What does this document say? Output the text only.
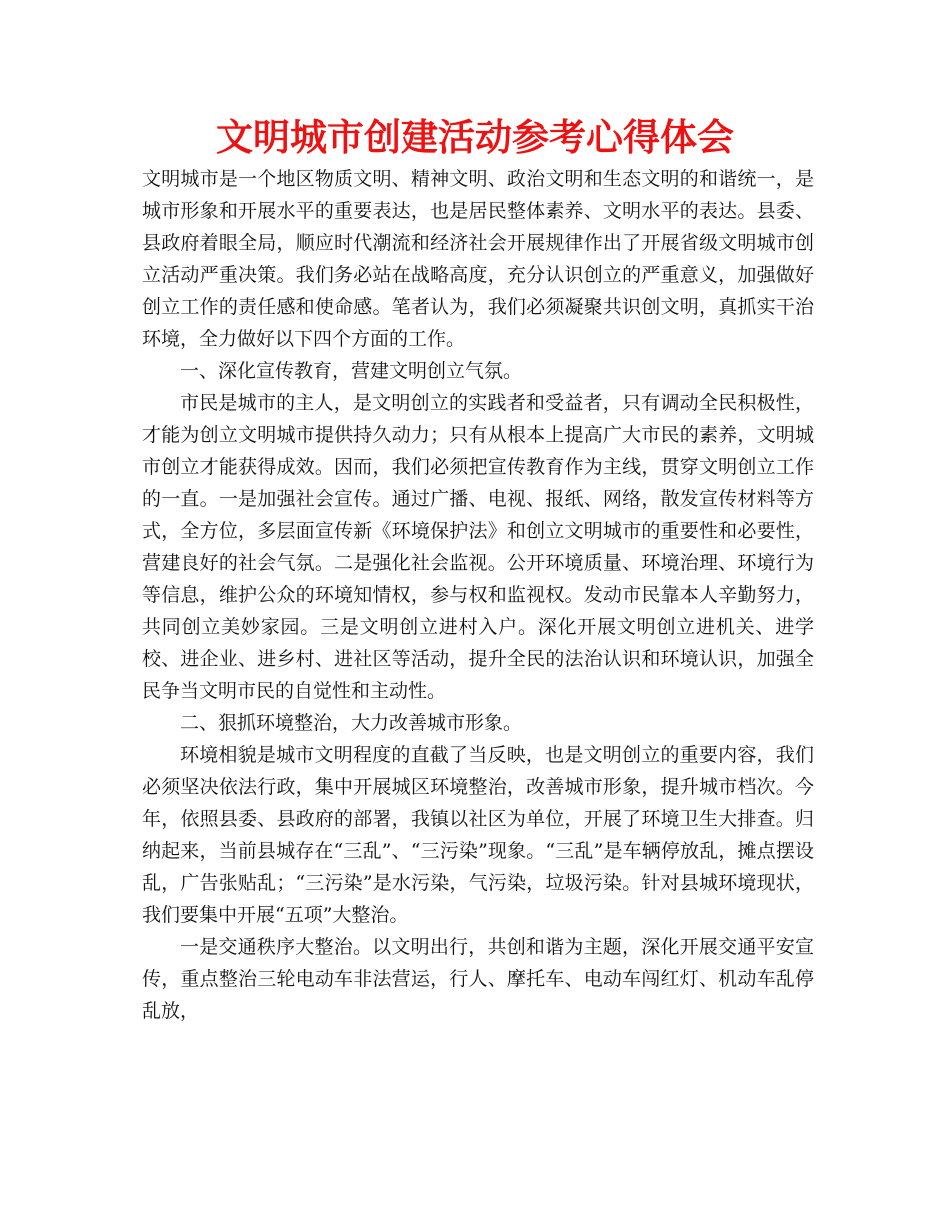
文明城市创建活动参考心得体会

文明城市是一个地区物质文明、精神文明、政治文明和生态文明的和谐统一，是城市形象和开展水平的重要表达，也是居民整体素养、文明水平的表达。县委、县政府着眼全局，顺应时代潮流和经济社会开展规律作出了开展省级文明城市创立活动严重决策。我们务必站在战略高度，充分认识创立的严重意义，加强做好创立工作的责任感和使命感。笔者认为，我们必须凝聚共识创文明，真抓实干治环境，全力做好以下四个方面的工作。

一、深化宣传教育，营建文明创立气氛。

市民是城市的主人，是文明创立的实践者和受益者，只有调动全民积极性，才能为创立文明城市提供持久动力；只有从根本上提高广大市民的素养，文明城市创立才能获得成效。因而，我们必须把宣传教育作为主线，贯穿文明创立工作的一直。一是加强社会宣传。通过广播、电视、报纸、网络，散发宣传材料等方式，全方位，多层面宣传新《环境保护法》和创立文明城市的重要性和必要性，营建良好的社会气氛。二是强化社会监视。公开环境质量、环境治理、环境行为等信息，维护公众的环境知情权，参与权和监视权。发动市民靠本人辛勤努力，共同创立美妙家园。三是文明创立进村入户。深化开展文明创立进机关、进学校、进企业、进乡村、进社区等活动，提升全民的法治认识和环境认识，加强全民争当文明市民的自觉性和主动性。

二、狠抓环境整治，大力改善城市形象。

环境相貌是城市文明程度的直截了当反映，也是文明创立的重要内容，我们必须坚决依法行政，集中开展城区环境整治，改善城市形象，提升城市档次。今年，依照县委、县政府的部署，我镇以社区为单位，开展了环境卫生大排查。归纳起来，当前县城存在“三乱”、“三污染”现象。“三乱”是车辆停放乱，摊点摆设乱，广告张贴乱；“三污染”是水污染，气污染，垃圾污染。针对县城环境现状，我们要集中开展“五项”大整治。

一是交通秩序大整治。以文明出行，共创和谐为主题，深化开展交通平安宣传，重点整治三轮电动车非法营运，行人、摩托车、电动车闯红灯、机动车乱停乱放，
